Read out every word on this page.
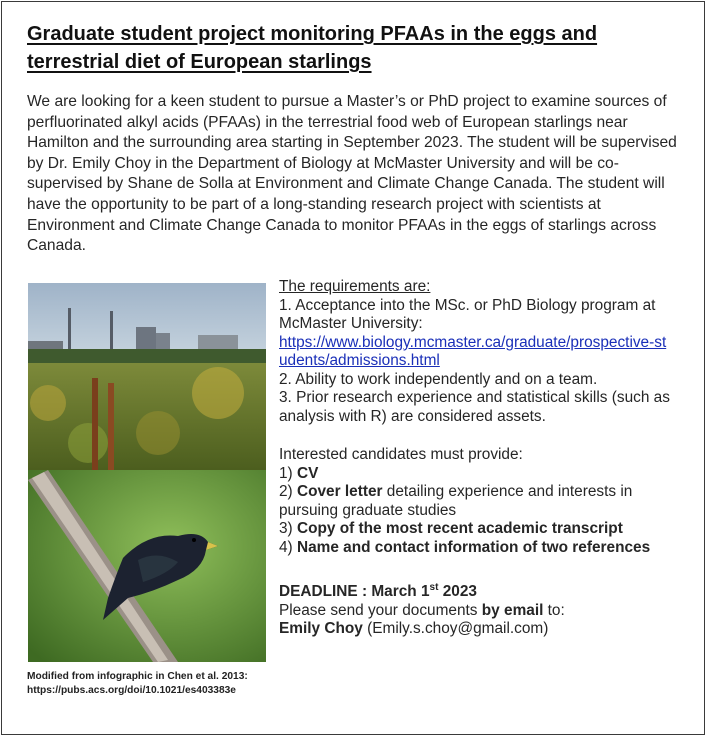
Graduate student project monitoring PFAAs in the eggs and terrestrial diet of European starlings

We are looking for a keen student to pursue a Master’s or PhD project to examine sources of perfluorinated alkyl acids (PFAAs) in the terrestrial food web of European starlings near Hamilton and the surrounding area starting in September 2023. The student will be supervised by Dr. Emily Choy in the Department of Biology at McMaster University and will be co-supervised by Shane de Solla at Environment and Climate Change Canada. The student will have the opportunity to be part of a long-standing research project with scientists at Environment and Climate Change Canada to monitor PFAAs in the eggs of starlings across Canada.

Modified from infographic in Chen et al. 2013:
https://pubs.acs.org/doi/10.1021/es403383e

The requirements are:

1. Acceptance into the MSc. or PhD Biology program at McMaster University:

https://www.biology.mcmaster.ca/graduate/prospective-students/admissions.html

2. Ability to work independently and on a team.

3. Prior research experience and statistical skills (such as analysis with R) are considered assets.

Interested candidates must provide:

1) CV

2) Cover letter detailing experience and interests in pursuing graduate studies

3) Copy of the most recent academic transcript

4) Name and contact information of two references

DEADLINE : March 1st 2023

Please send your documents by email to:

Emily Choy (Emily.s.choy@gmail.com)
